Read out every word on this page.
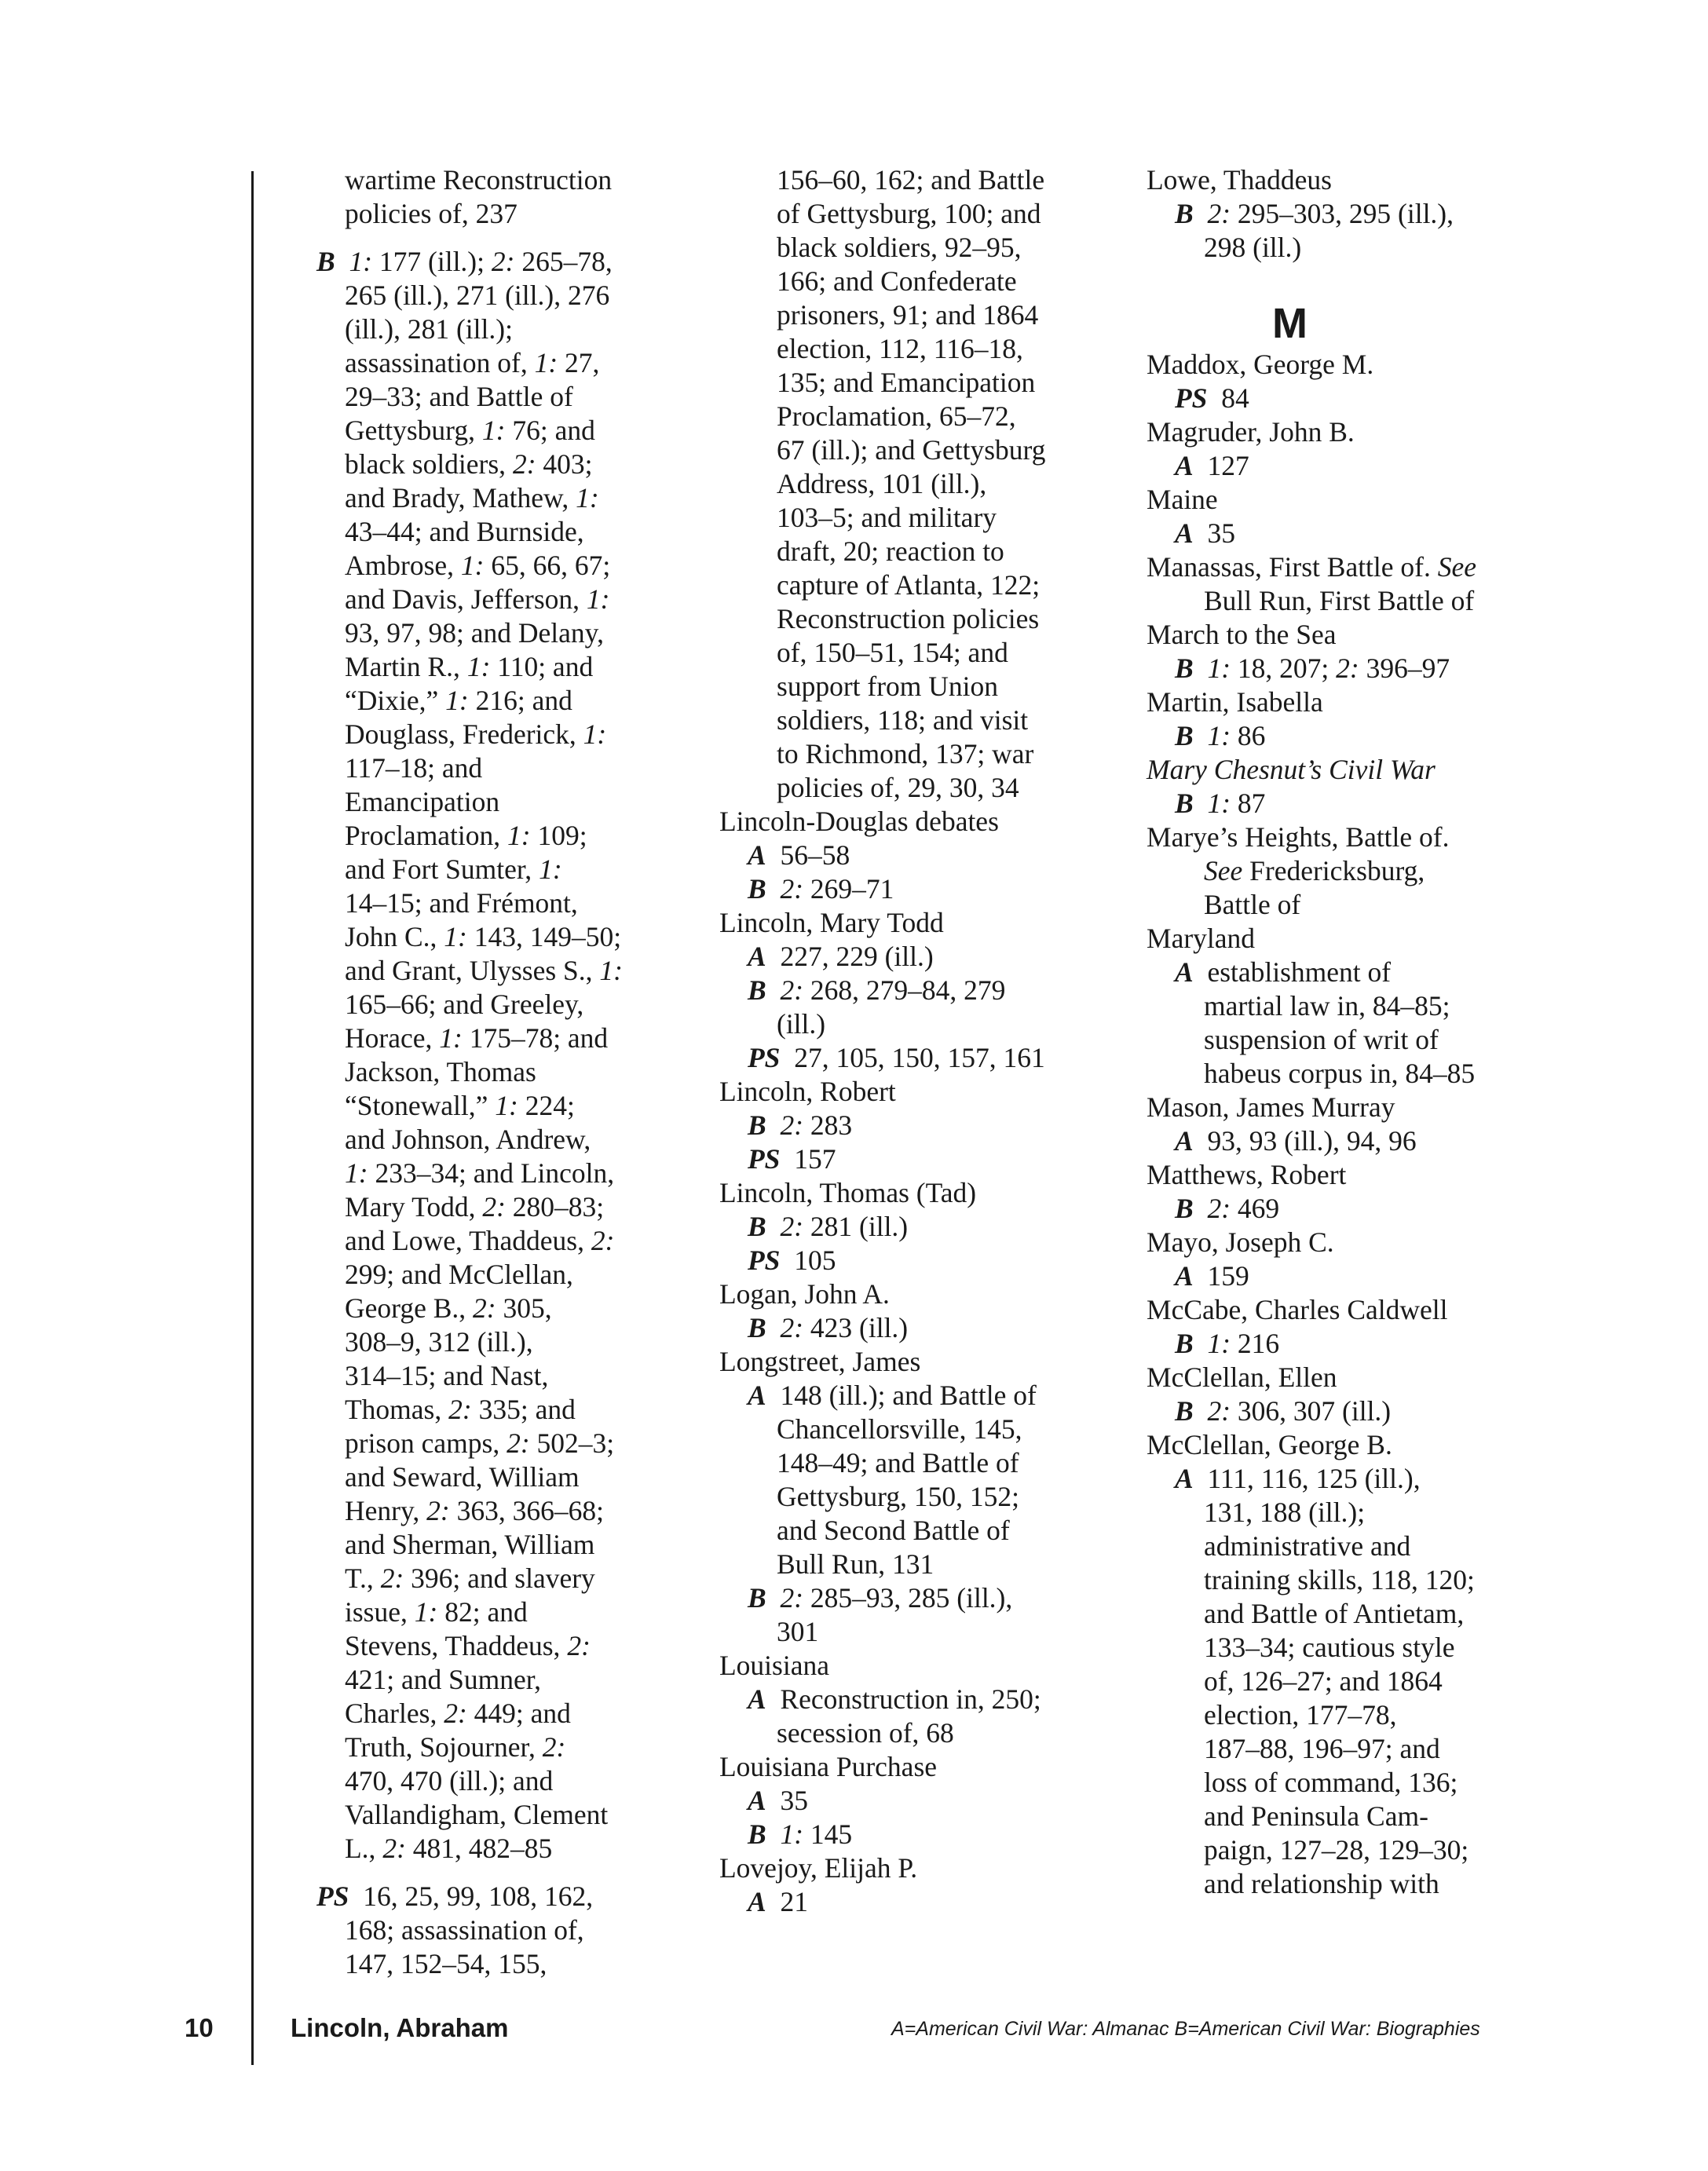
wartime Reconstruction
policies of, 237
B 1: 177 (ill.); 2: 265–78,
265 (ill.), 271 (ill.), 276
(ill.), 281 (ill.);
assassination of, 1: 27,
29–33; and Battle of
Gettysburg, 1: 76; and
black soldiers, 2: 403;
and Brady, Mathew, 1:
43–44; and Burnside,
Ambrose, 1: 65, 66, 67;
and Davis, Jefferson, 1:
93, 97, 98; and Delany,
Martin R., 1: 110; and
“Dixie,” 1: 216; and
Douglass, Frederick, 1:
117–18; and
Emancipation
Proclamation, 1: 109;
and Fort Sumter, 1:
14–15; and Frémont,
John C., 1: 143, 149–50;
and Grant, Ulysses S., 1:
165–66; and Greeley,
Horace, 1: 175–78; and
Jackson, Thomas
“Stonewall,” 1: 224;
and Johnson, Andrew,
1: 233–34; and Lincoln,
Mary Todd, 2: 280–83;
and Lowe, Thaddeus, 2:
299; and McClellan,
George B., 2: 305,
308–9, 312 (ill.),
314–15; and Nast,
Thomas, 2: 335; and
prison camps, 2: 502–3;
and Seward, William
Henry, 2: 363, 366–68;
and Sherman, William
T., 2: 396; and slavery
issue, 1: 82; and
Stevens, Thaddeus, 2:
421; and Sumner,
Charles, 2: 449; and
Truth, Sojourner, 2:
470, 470 (ill.); and
Vallandigham, Clement
L., 2: 481, 482–85
PS  16, 25, 99, 108, 162,
168; assassination of,
147, 152–54, 155,
156–60, 162; and Battle
of Gettysburg, 100; and
black soldiers, 92–95,
166; and Confederate
prisoners, 91; and 1864
election, 112, 116–18,
135; and Emancipation
Proclamation, 65–72,
67 (ill.); and Gettysburg
Address, 101 (ill.),
103–5; and military
draft, 20; reaction to
capture of Atlanta, 122;
Reconstruction policies
of, 150–51, 154; and
support from Union
soldiers, 118; and visit
to Richmond, 137; war
policies of, 29, 30, 34
Lincoln-Douglas debates
A  56–58
B 2: 269–71
Lincoln, Mary Todd
A  227, 229 (ill.)
B 2: 268, 279–84, 279
(ill.)
PS  27, 105, 150, 157, 161
Lincoln, Robert
B 2: 283
PS  157
Lincoln, Thomas (Tad)
B 2: 281 (ill.)
PS  105
Logan, John A.
B 2: 423 (ill.)
Longstreet, James
A  148 (ill.); and Battle of
Chancellorsville, 145,
148–49; and Battle of
Gettysburg, 150, 152;
and Second Battle of
Bull Run, 131
B 2: 285–93, 285 (ill.),
301
Louisiana
A  Reconstruction in, 250;
secession of, 68
Louisiana Purchase
A  35
B 1: 145
Lovejoy, Elijah P.
A  21
Lowe, Thaddeus
B 2: 295–303, 295 (ill.),
298 (ill.)
M
Maddox, George M.
PS  84
Magruder, John B.
A  127
Maine
A  35
Manassas, First Battle of. See
Bull Run, First Battle of
March to the Sea
B 1: 18, 207; 2: 396–97
Martin, Isabella
B 1: 86
Mary Chesnut’s Civil War
B 1: 87
Marye’s Heights, Battle of.
See Fredericksburg,
Battle of
Maryland
A  establishment of
martial law in, 84–85;
suspension of writ of
habeus corpus in, 84–85
Mason, James Murray
A  93, 93 (ill.), 94, 96
Matthews, Robert
B 2: 469
Mayo, Joseph C.
A  159
McCabe, Charles Caldwell
B 1: 216
McClellan, Ellen
B 2: 306, 307 (ill.)
McClellan, George B.
A  111, 116, 125 (ill.),
131, 188 (ill.);
administrative and
training skills, 118, 120;
and Battle of Antietam,
133–34; cautious style
of, 126–27; and 1864
election, 177–78,
187–88, 196–97; and
loss of command, 136;
and Peninsula Cam-
paign, 127–28, 129–30;
and relationship with
10	Lincoln, Abraham	A=American Civil War: Almanac B=American Civil War: Biographies
